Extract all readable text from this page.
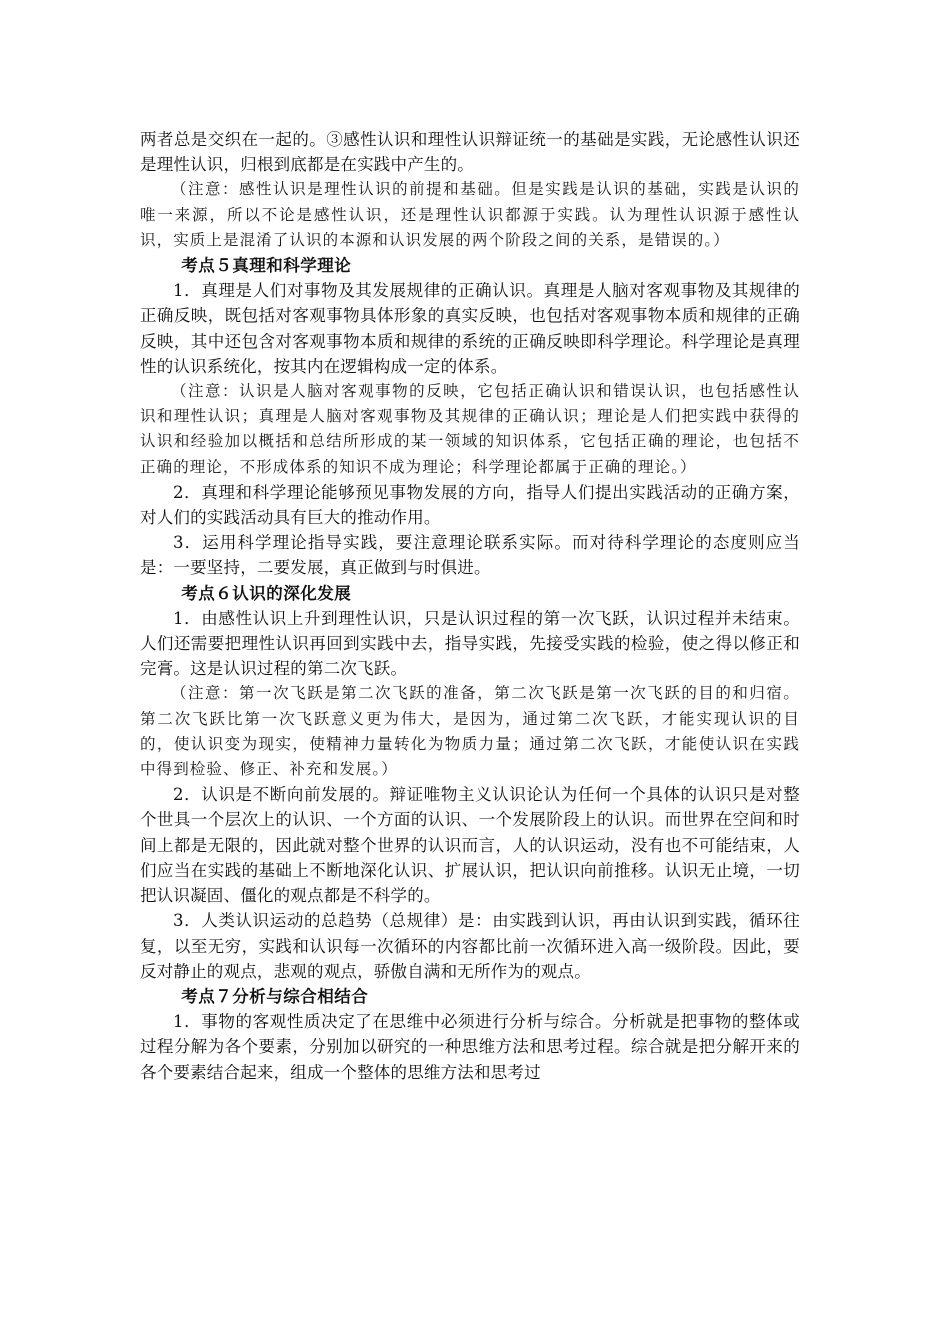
两者总是交织在一起的。③感性认识和理性认识辩证统一的基础是实践，无论感性认识还是理性认识，归根到底都是在实践中产生的。

（注意：感性认识是理性认识的前提和基础。但是实践是认识的基础，实践是认识的唯一来源，所以不论是感性认识，还是理性认识都源于实践。认为理性认识源于感性认识，实质上是混淆了认识的本源和认识发展的两个阶段之间的关系，是错误的。）

考点５真理和科学理论

1．真理是人们对事物及其发展规律的正确认识。真理是人脑对客观事物及其规律的正确反映，既包括对客观事物具体形象的真实反映，也包括对客观事物本质和规律的正确反映，其中还包含对客观事物本质和规律的系统的正确反映即科学理论。科学理论是真理性的认识系统化，按其内在逻辑构成一定的体系。

（注意：认识是人脑对客观事物的反映，它包括正确认识和错误认识，也包括感性认识和理性认识；真理是人脑对客观事物及其规律的正确认识；理论是人们把实践中获得的认识和经验加以概括和总结所形成的某一领域的知识体系，它包括正确的理论，也包括不正确的理论，不形成体系的知识不成为理论；科学理论都属于正确的理论。）

2．真理和科学理论能够预见事物发展的方向，指导人们提出实践活动的正确方案，对人们的实践活动具有巨大的推动作用。

3．运用科学理论指导实践，要注意理论联系实际。而对待科学理论的态度则应当是：一要坚持，二要发展，真正做到与时俱进。

考点６认识的深化发展

1．由感性认识上升到理性认识，只是认识过程的第一次飞跃，认识过程并未结束。人们还需要把理性认识再回到实践中去，指导实践，先接受实践的检验，使之得以修正和完膏。这是认识过程的第二次飞跃。

（注意：第一次飞跃是第二次飞跃的准备，第二次飞跃是第一次飞跃的目的和归宿。第二次飞跃比第一次飞跃意义更为伟大，是因为，通过第二次飞跃，才能实现认识的目的，使认识变为现实，使精神力量转化为物质力量；通过第二次飞跃，才能使认识在实践中得到检验、修正、补充和发展。）

2．认识是不断向前发展的。辩证唯物主义认识论认为任何一个具体的认识只是对整个世具一个层次上的认识、一个方面的认识、一个发展阶段上的认识。而世界在空间和时间上都是无限的，因此就对整个世界的认识而言，人的认识运动，没有也不可能结束，人们应当在实践的基础上不断地深化认识、扩展认识，把认识向前推移。认识无止境，一切把认识凝固、僵化的观点都是不科学的。

3．人类认识运动的总趋势（总规律）是：由实践到认识，再由认识到实践，循环往复，以至无穷，实践和认识每一次循环的内容都比前一次循环进入高一级阶段。因此，要反对静止的观点，悲观的观点，骄傲自满和无所作为的观点。

考点７分析与综合相结合

1．事物的客观性质决定了在思维中必须进行分析与综合。分析就是把事物的整体或过程分解为各个要素，分别加以研究的一种思维方法和思考过程。综合就是把分解开来的各个要素结合起来，组成一个整体的思维方法和思考过
